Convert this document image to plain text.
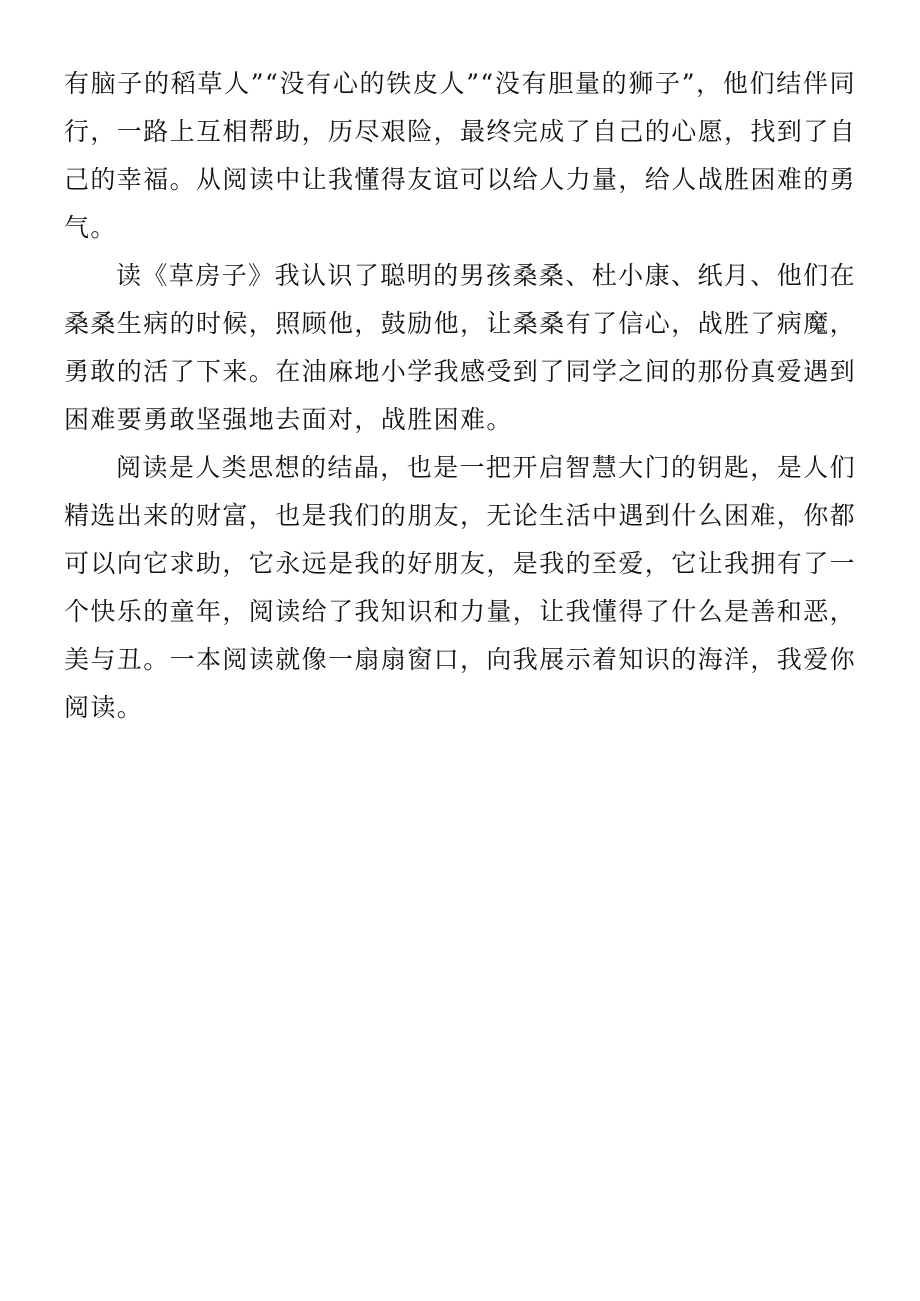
有脑子的稻草人”“没有心的铁皮人”“没有胆量的狮子”，他们结伴同行，一路上互相帮助，历尽艰险，最终完成了自己的心愿，找到了自己的幸福。从阅读中让我懂得友谊可以给人力量，给人战胜困难的勇气。

读《草房子》我认识了聪明的男孩桑桑、杜小康、纸月、他们在桑桑生病的时候，照顾他，鼓励他，让桑桑有了信心，战胜了病魔，勇敢的活了下来。在油麻地小学我感受到了同学之间的那份真爱遇到困难要勇敢坚强地去面对，战胜困难。

阅读是人类思想的结晶，也是一把开启智慧大门的钥匙，是人们精选出来的财富，也是我们的朋友，无论生活中遇到什么困难，你都可以向它求助，它永远是我的好朋友，是我的至爱，它让我拥有了一个快乐的童年，阅读给了我知识和力量，让我懂得了什么是善和恶，美与丑。一本阅读就像一扇扇窗口，向我展示着知识的海洋，我爱你阅读。
